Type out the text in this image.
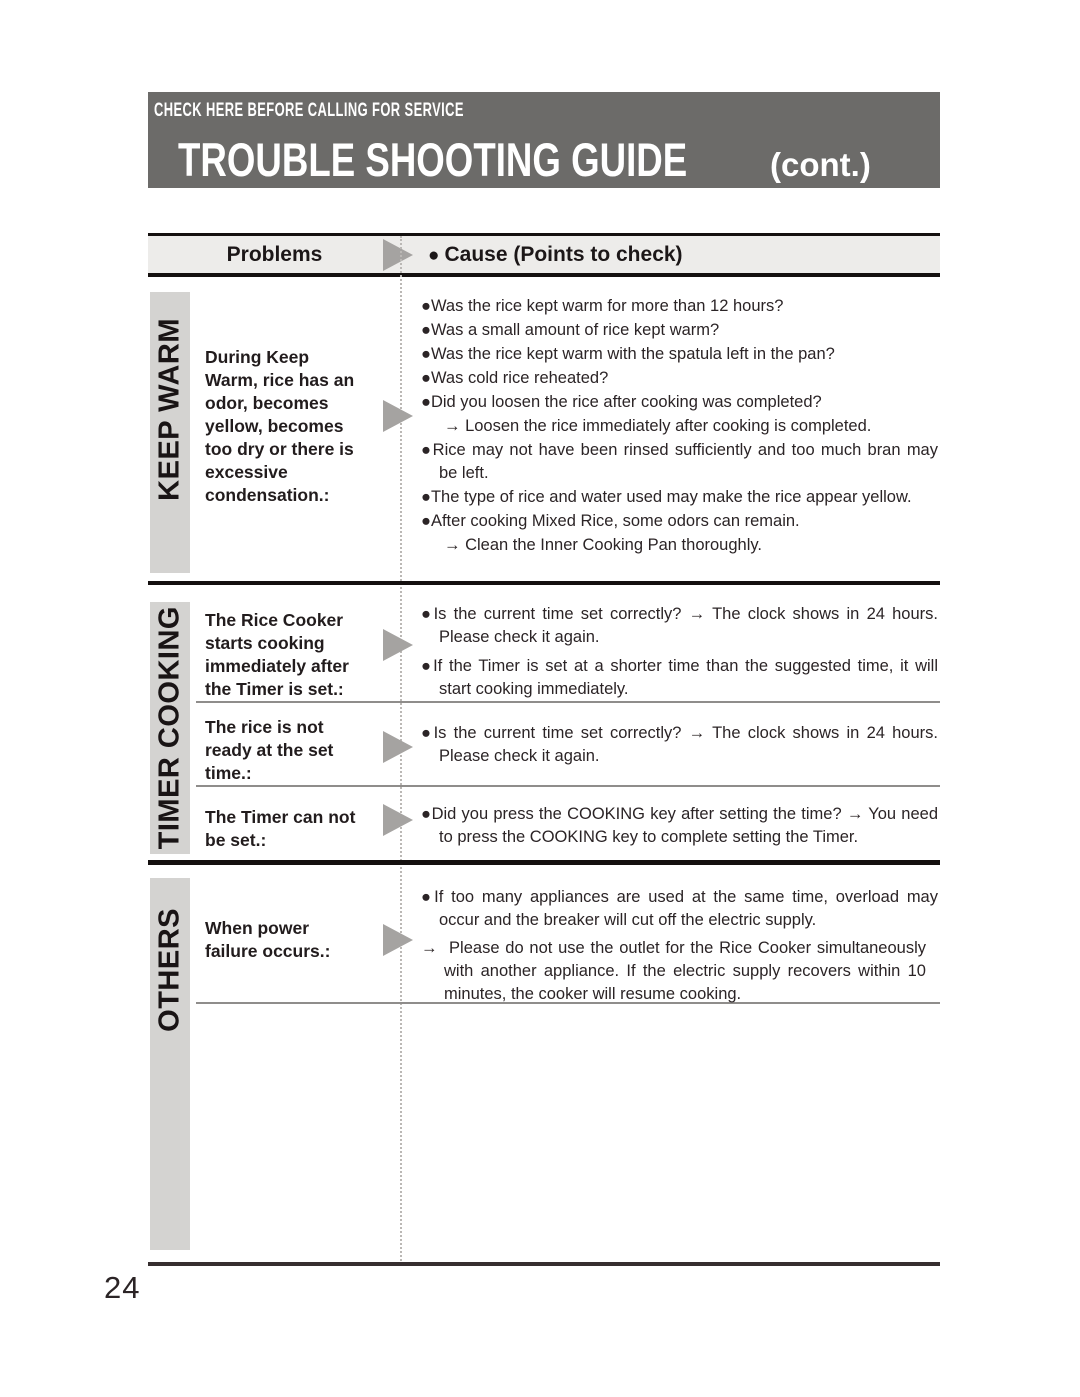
CHECK HERE BEFORE CALLING FOR SERVICE
TROUBLE SHOOTING GUIDE	(cont.)
Problems	● Cause (Points to check)
KEEP WARM During Keep
Warm, rice has an
odor, becomes
yellow, becomes
too dry or there is
excessive
condensation.:

●Was the rice kept warm for more than 12 hours?

●Was a small amount of rice kept warm?

●Was the rice kept warm with the spatula left in the pan?

●Was cold rice reheated?

●Did you loosen the rice after cooking was completed?

→ Loosen the rice immediately after cooking is completed.

●Rice may not have been rinsed sufficiently and too much bran may be left.

●The type of rice and water used may make the rice appear yellow.

●After cooking Mixed Rice, some odors can remain.

→ Clean the Inner Cooking Pan thoroughly.

TIMER COOKING The Rice Cooker
starts cooking
immediately after
the Timer is set.:

●Is the current time set correctly? → The clock shows in 24 hours. Please check it again.

●If the Timer is set at a shorter time than the suggested time, it will start cooking immediately.

The rice is not
ready at the set
time.:

●Is the current time set correctly? → The clock shows in 24 hours. Please check it again.

The Timer can not
be set.:

●Did you press the COOKING key after setting the time? → You need to press the COOKING key to complete setting the Timer.

OTHERS When power
failure occurs.:

●If too many appliances are used at the same time, overload may occur and the breaker will cut off the electric supply.

→  Please do not use the outlet for the Rice Cooker simultaneously with another appliance. If the electric supply recovers within 10 minutes, the cooker will resume cooking.

24
